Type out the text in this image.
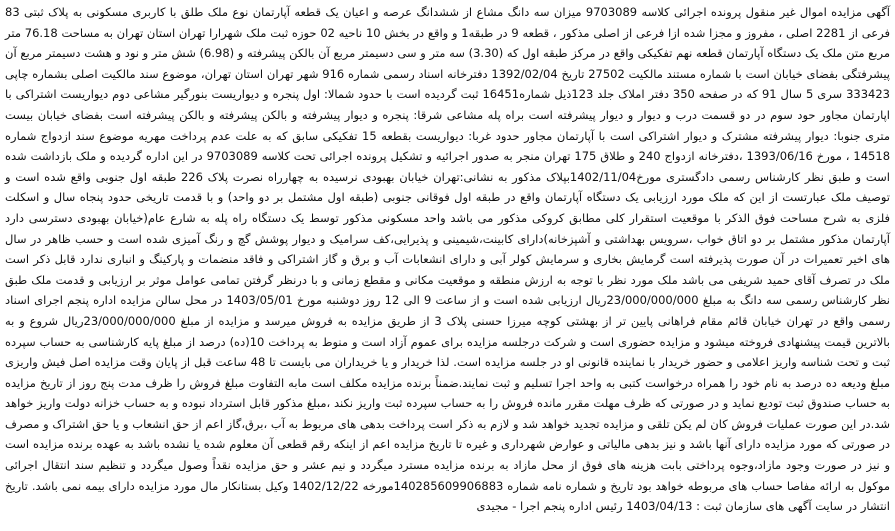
آگهی مزایده اموال غیر منقول پرونده اجرائی کلاسه 9703089 میزان سه دانگ مشاع از ششدانگ عرصه و اعیان یک قطعه آپارتمان نوع ملک طلق با کاربری مسکونی به پلاک ثبتی 83 فرعی از 2281 اصلی ، مفروز و مجزا شده ازا فرعی از اصلی مذکور ، قطعه 9 در طبقه1 و واقع در بخش 10 ناحیه 02 حوزه ثبت ملک شهرارا تهران استان تهران به مساحت 76.18 متر مربع متن ملک یک دستگاه آپارتمان قطعه نهم تفکیکی واقع در مرکز طبقه اول که (3.30) سه متر و سی دسیمتر مربع آن بالکن پیشرفته و (6.98) شش متر و نود و هشت دسیمتر مربع آن پیشرفتگی بفضای خیابان است با شماره مستند مالکیت 27502 تاریخ 1392/02/04 دفترخانه اسناد رسمی شماره 916 شهر تهران استان تهران، موضوع سند مالکیت اصلی بشماره چاپی 333423 سری 5 سال 91 که در صفحه 350 دفتر املاک جلد 123ذیل شماره16451 ثبت گردیده است با حدود شمالا: اول پنجره و دیواریست بنورگیر مشاعی دوم دیواریست اشتراکی با اپارتمان مجاور حود سوم در دو قسمت درب و دیوار و دیوار پیشرفته است براه پله مشاعی شرقا: پنجره و دیوار پیشرفته و بالکن پیشرفته و بالکن پیشرفته است بفضای خیابان بیست متری جنوبا: دیوار پیشرفته مشترک و دیوار اشتراکی است با آپارتمان مجاور حدود غربا: دیواریست بقطعه 15 تفکیکی سابق که به علت عدم پرداخت مهریه موضوع سند ازدواج شماره 14518 ، مورخ 1393/06/16 ،دفترخانه ازدواج 240 و طلاق 175 تهران منجر به صدور اجرائیه و تشکیل پرونده اجرائی تحت کلاسه 9703089 در این اداره گردیده و ملک بازداشت شده است و طبق نظر کارشناس رسمی دادگستری مورخ1402/11/04بپلاک مذکور به نشانی:تهران خیابان بهبودی نرسیده به چهارراه نصرت پلاک 226 طبقه اول جنوبی واقع شده است و توصیف ملک عبارتست از این که ملک مورد ارزیابی یک دستگاه آپارتمان واقع در طبقه اول فوقانی جنوبی (طبقه اول مشتمل بر دو واحد) و با قدمت تاریخی حدود پنجاه سال و اسکلت فلزی به شرح مساحت فوق الذکر با موقعیت استقرار کلی مطابق کروکی مذکور می باشد واحد مسکونی مذکور توسط یک دستگاه راه پله به شارع عام(خیابان بهبودی دسترسی دارد آپارتمان مذکور مشتمل بر دو اتاق خواب ،سرویس بهداشتی و آشپزخانه)دارای کابینت،شیمینی و پذیرایی،کف سرامیک و دیوار پوشش گچ و رنگ آمیزی شده است و حسب ظاهر در سال های اخیر تعمیرات در آن صورت پذیرفته است گرمایش بخاری و سرمایش کولر آبی و دارای انشعابات آب و برق و گاز اشتراکی و فاقد منضمات و پارکینگ و انباری ندارد قابل ذکر است ملک در تصرف آقای حمید شریفی می باشد ملک مورد نظر با توجه به ارزش منطقه و موقعیت مکانی و مقطع زمانی و با درنظر گرفتن تمامی عوامل موثر بر ارزیابی و قدمت ملک طبق نظر کارشناس رسمی سه دانگ به مبلغ 23/000/000/000ریال ارزیابی شده است و از ساعت 9 الی 12 روز دوشنبه مورخ 1403/05/01 در محل سالن مزایده اداره پنجم اجرای اسناد رسمی واقع در تهران خیابان قائم مقام فراهانی پایین تر از بهشتی کوچه میرزا حسنی پلاک 3 از طریق مزایده به فروش میرسد و مزایده از مبلغ 23/000/000/000ریال شروع و به بالاترین قیمت پیشنهادی فروخته میشود و مزایده حضوری است و شرکت درجلسه مزایده برای عموم آزاد است و منوط به پرداخت 10(ده) درصد از مبلغ پایه کارشناسی به حساب سپرده ثبت و تحت شناسه واریز اعلامی و حضور خریدار با نماینده قانونی او در جلسه مزایده است. لذا خریدار و یا خریداران می بایست تا 48 ساعت قبل از پایان وقت مزایده اصل فیش واریزی مبلغ ودیعه ده درصد به نام خود را همراه درخواست کتبی به واحد اجرا تسلیم و ثبت نمایند.ضمناً برنده مزایده مکلف است مابه التفاوت مبلغ فروش را ظرف مدت پنج روز از تاریخ مزایده به حساب صندوق ثبت تودیع نماید و در صورتی که ظرف مهلت مقرر مانده فروش را به حساب سپرده ثبت واریز نکند ،مبلغ مذکور قابل استرداد نبوده و به حساب خزانه دولت واریز خواهد شد.در این صورت عملیات فروش کان لم یکن تلقی و مزایده تجدید خواهد شد و لازم به ذکر است پرداخت بدهی های مربوط به آب ،برق،گاز اعم از حق انشعاب و یا حق اشتراک و مصرف در صورتی که مورد مزایده دارای آنها باشد و نیز بدهی مالیاتی و عوارض شهرداری و غیره تا تاریخ مزایده اعم از اینکه رقم قطعی آن معلوم شده یا نشده باشد به عهده برنده مزایده است و نیز در صورت وجود مازاد،وجوه پرداختی بابت هزینه های فوق از محل مازاد به برنده مزایده مسترد میگردد و نیم عشر و حق مزایده نقداً وصول میگردد و تنظیم سند انتقال اجرائی موکول به ارائه مفاصا حساب های مربوطه خواهد بود تاریخ و شماره نامه شماره 140285609906883مورخه 1402/12/22 وکیل بستانکار مال مورد مزایده دارای بیمه نمی باشد. تاریخ انتشار در سایت آگهی های سازمان ثبت : 1403/04/13 رئیس اداره پنجم اجرا - مجیدی
